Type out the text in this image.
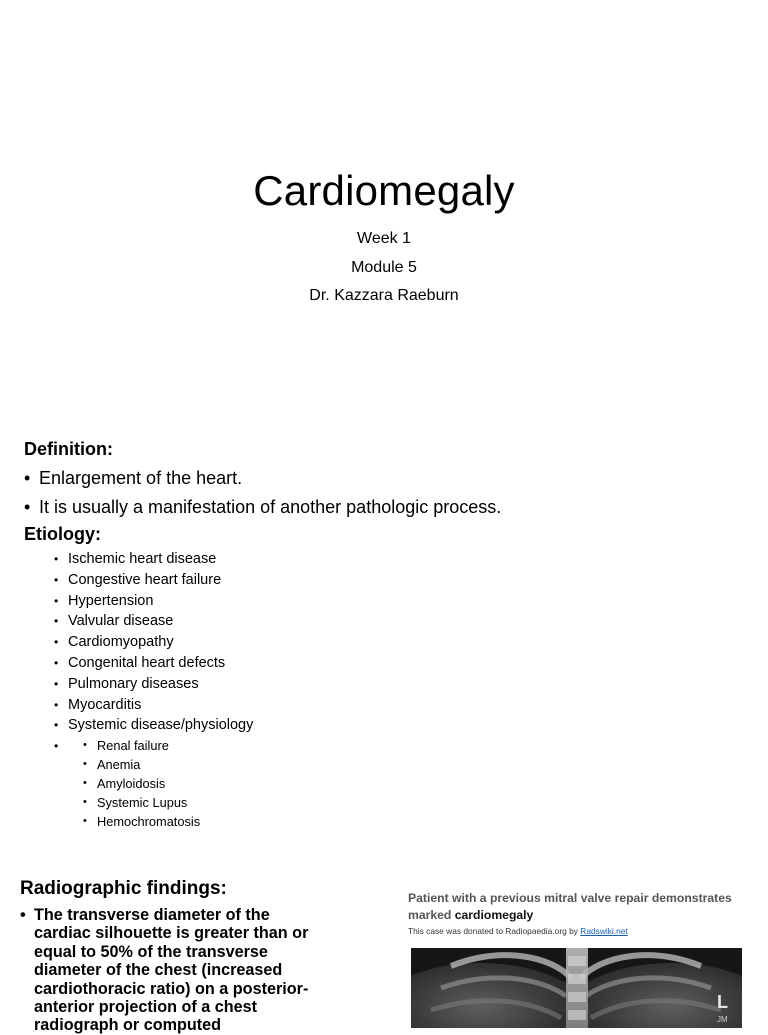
Cardiomegaly
Week 1
Module 5
Dr. Kazzara Raeburn

Definition:

• Enlargement of the heart.
• It is usually a manifestation of another pathologic process.

Etiology:

• Ischemic heart disease
• Congestive heart failure
• Hypertension
• Valvular disease
• Cardiomyopathy
• Congenital heart defects
• Pulmonary diseases
• Myocarditis
• Systemic disease/physiology
• • Renal failure
• Anemia
• Amyloidosis
• Systemic Lupus
• Hemochromatosis

Radiographic findings:

• The transverse diameter of the
cardiac silhouette is greater than or
equal to 50% of the transverse
diameter of the chest (increased
cardiothoracic ratio) on a posterior-
anterior projection of a chest
radiograph or computed

Patient with a previous mitral valve repair demonstrates
marked cardiomegaly

This case was donated to Radiopaedia.org by Radswiki.net

L
JM
